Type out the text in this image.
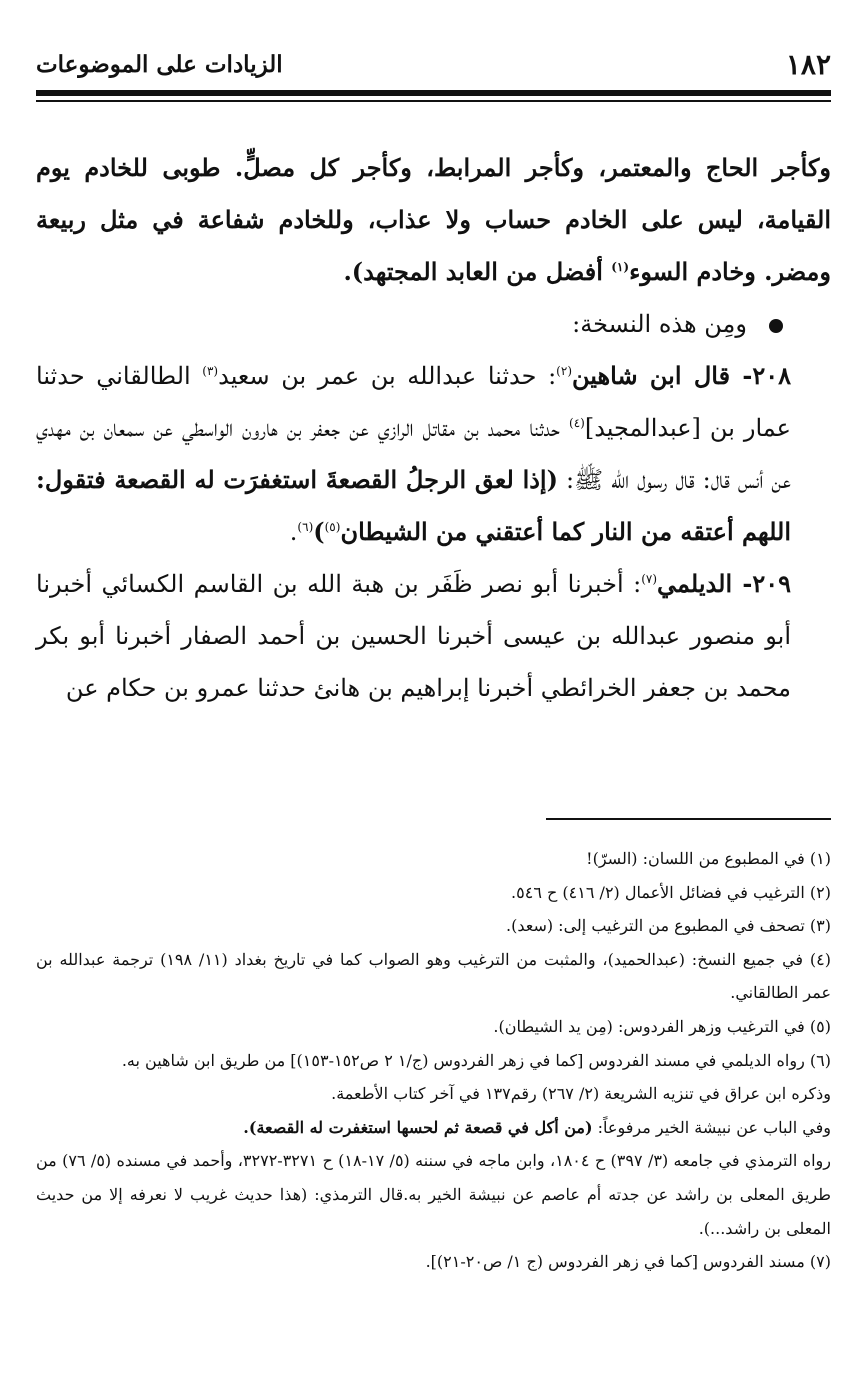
١٨٢
الزيادات على الموضوعات

وكأجر الحاج والمعتمر، وكأجر المرابط، وكأجر كل مصلٍّ. طوبى للخادم يوم القيامة، ليس على الخادم حساب ولا عذاب، وللخادم شفاعة في مثل ربيعة ومضر. وخادم السوء$^{(١)}$ أفضل من العابد المجتهد).

ومِن هذه النسخة:

٢٠٨- قال ابن شاهين$^{(٢)}$: حدثنا عبدالله بن عمر بن سعيد$^{(٣)}$ الطالقاني حدثنا عمار بن [عبدالمجيد]$^{(٤)}$ حدثنا محمد بن مقاتل الرازي عن جعفر بن هارون الواسطي عن سمعان بن مهدي عن أنس قال: قال رسول الله ﷺ: (إذا لعق الرجلُ القصعةَ استغفرَت له القصعة فتقول: اللهم أعتقه من النار كما أعتقني من الشيطان$^{(٥)}$)$^{(٦)}$.

٢٠٩- الديلمي$^{(٧)}$: أخبرنا أبو نصر ظَفَر بن هبة الله بن القاسم الكسائي أخبرنا أبو منصور عبدالله بن عيسى أخبرنا الحسين بن أحمد الصفار أخبرنا أبو بكر محمد بن جعفر الخرائطي أخبرنا إبراهيم بن هانئ حدثنا عمرو بن حكام عن

(١) في المطبوع من اللسان: (السرّ)!

(٢) الترغيب في فضائل الأعمال (٢/ ٤١٦) ح ٥٤٦.

(٣) تصحف في المطبوع من الترغيب إلى: (سعد).

(٤) في جميع النسخ: (عبدالحميد)، والمثبت من الترغيب وهو الصواب كما في تاريخ بغداد (١١/ ١٩٨) ترجمة عبدالله بن عمر الطالقاني.

(٥) في الترغيب وزهر الفردوس: (مِن يد الشيطان).

(٦) رواه الديلمي في مسند الفردوس [كما في زهر الفردوس (ج/١ ٢ ص١٥٢-١٥٣)] من طريق ابن شاهين به.

وذكره ابن عراق في تنزيه الشريعة (٢/ ٢٦٧) رقم١٣٧ في آخر كتاب الأطعمة.

وفي الباب عن نبيشة الخير مرفوعاً: (من أكل في قصعة ثم لحسها استغفرت له القصعة).

رواه الترمذي في جامعه (٣/ ٣٩٧) ح ١٨٠٤، وابن ماجه في سننه (٥/ ١٧-١٨) ح ٣٢٧١-٣٢٧٢، وأحمد في مسنده (٥/ ٧٦) من طريق المعلى بن راشد عن جدته أم عاصم عن نبيشة الخير به.قال الترمذي: (هذا حديث غريب لا نعرفه إلا من حديث المعلى بن راشد...).

(٧) مسند الفردوس [كما في زهر الفردوس (ج ١/ ص٢٠-٢١)].
